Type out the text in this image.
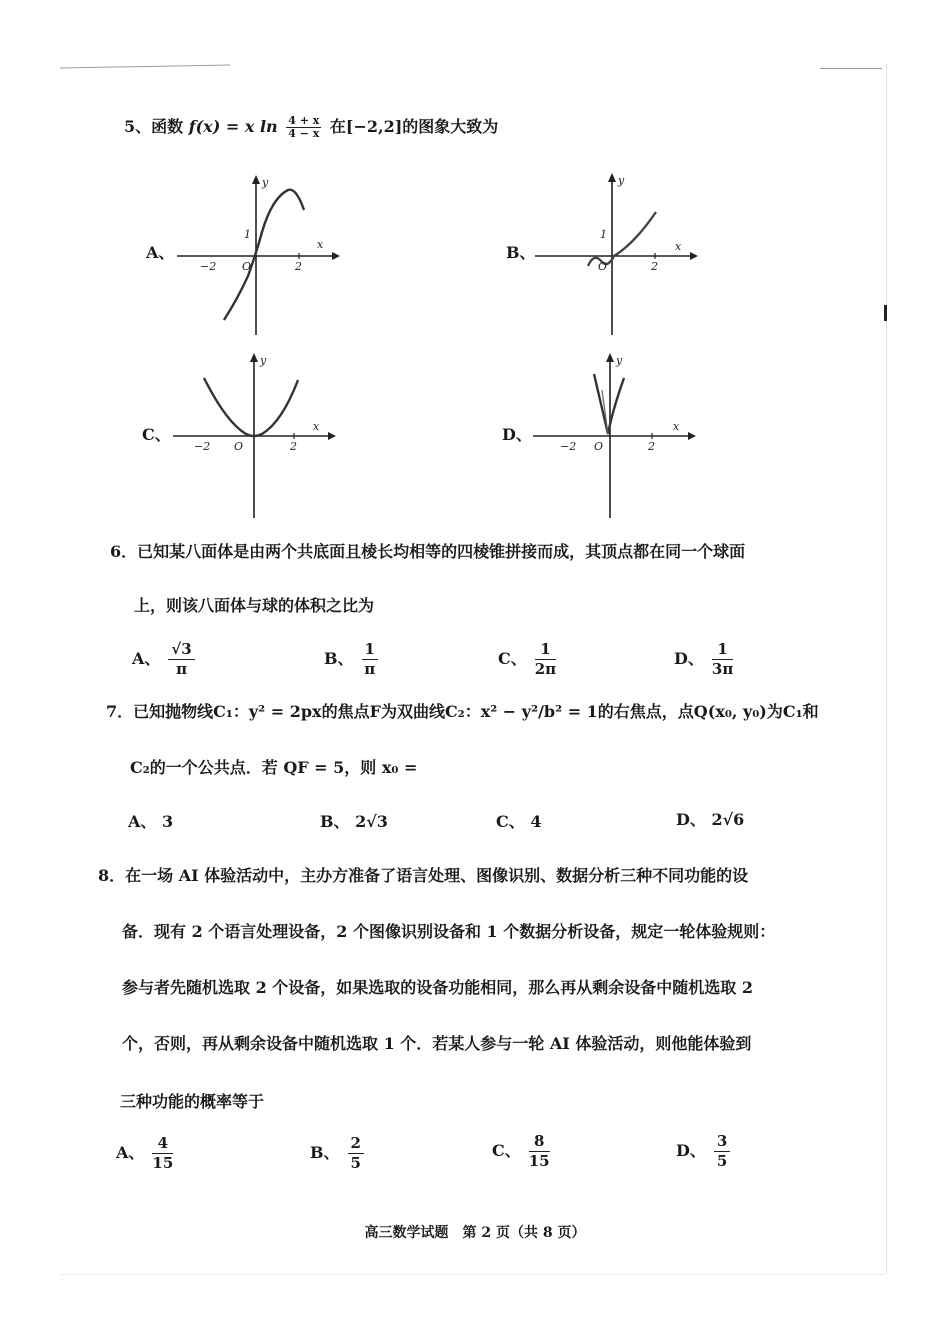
5、函数 f(x) = x $\ln \frac{4 + x}{4 - x}$ 在[−2,2]的图象大致为
A、
2
−2
1
O
x
y
B、
2
1
O
x
y
C、
2
−2 O
x
y
D、
2
−2 O
x
y
6．已知某八面体是由两个共底面且棱长均相等的四棱锥拼接而成，其顶点都在同一个球面
上，则该八面体与球的体积之比为
A、 $\frac{√3}{\pi}$	B、 $\frac{1}{\pi}$	C、 $\frac{1}{2\pi}$	D、 $\frac{1}{3\pi}$
7．已知抛物线C₁：y² = 2px的焦点F为双曲线C₂：x² − y²/b² = 1的右焦点，点Q(x₀, y₀)为C₁和
C₂的一个公共点．若 QF = 5，则 x₀ =
A、 3	B、 2√3	C、 4	D、 2√6
8．在一场 AI 体验活动中，主办方准备了语言处理、图像识别、数据分析三种不同功能的设
备．现有 2 个语言处理设备，2 个图像识别设备和 1 个数据分析设备，规定一轮体验规则：
参与者先随机选取 2 个设备，如果选取的设备功能相同，那么再从剩余设备中随机选取 2
个，否则，再从剩余设备中随机选取 1 个．若某人参与一轮 AI 体验活动，则他能体验到
三种功能的概率等于
A、 $\frac{4}{15}$	B、 $\frac{2}{5}$	C、 $\frac{8}{15}$	D、 $\frac{3}{5}$
高三数学试题　第 2 页（共 8 页）
